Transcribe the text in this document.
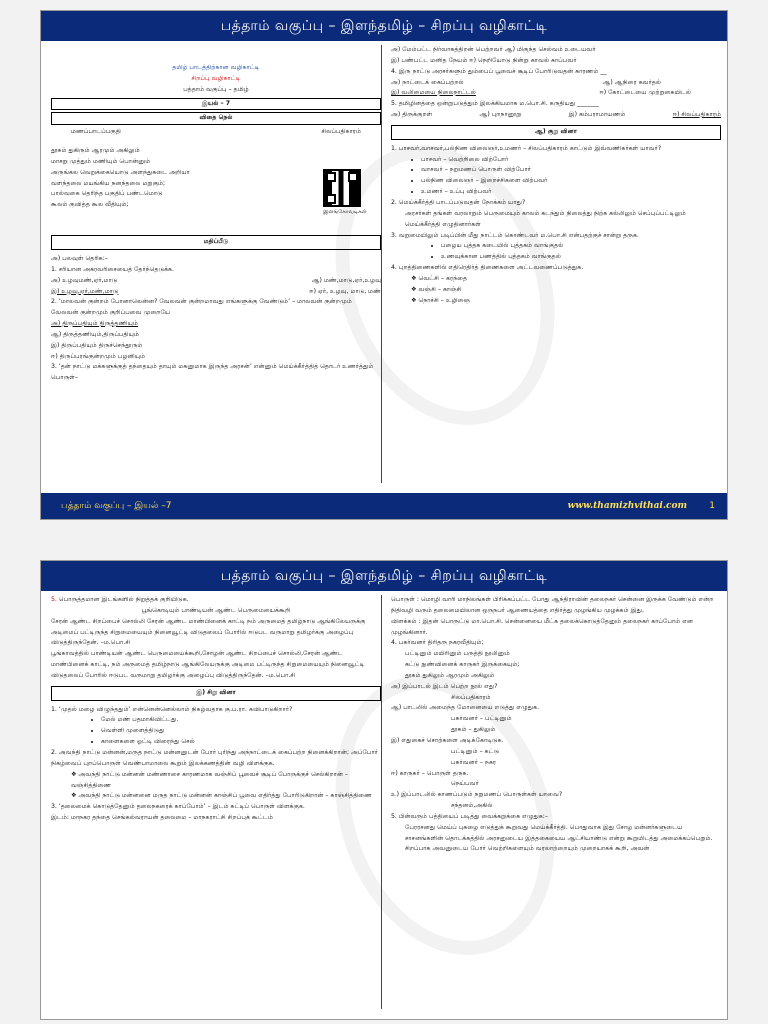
பத்தாம் வகுப்பு – இளந்தமிழ் – சிறப்பு வழிகாட்டி
தமிழ் பாடத்திற்கான வழிகாட்டி
சிறப்பு வழிகாட்டி
பத்தாம் வகுப்பு – தமிழ்
இயல் – 7
விதை நெல்
மணப்பாடப்பகுதி	சிலப்பதிகாரம்

தூசும் துகிரும் ஆரமும் அகிலும்

மாசறு முத்தும் மணியும் பொன்னும்

அருங்கல வெறுக்கையொடு அளந்துகடை அறியா

வளந்தலை மயங்கிய நனந்தலை மறுகும்;

பால்வகை தெரிந்த பகுதிப் பண்டமொடு

கூலம் குவித்த கூல வீதியும்;

மதிப்பீடு

அ) பலவுள் தெரிக:–

1. சரியான அகரவரிசையைத் தேர்ந்தெடுக்க.

அ) உழவுமண்,ஏர்,மாடு	ஆ) மண்,மாடு,ஏர்,உழவு
இ) உழவு,ஏர்,மண்,மாடு	ஈ) ஏர், உழவு, மாடு, மண்

2. ‘மாலவன் குன்றம் போனாலென்ன? வேலவன் குன்றமாவது எங்களுக்கு வேண்டும்’ – மாலவன் குன்றமும் வேலவன் குன்றமும் குறிப்பவை முறையே

அ) திருப்பதியும் திருத்தணியும்

ஆ) திருத்தணியும்,திருப்பதியும்

இ) திருப்பதியும் திருச்செந்தூரும்

ஈ) திருப்பரங்குன்றமும் பழனியும்

3. ‘தன் நாட்டு மக்களுக்குத் தந்தையும் தாயும் மகனுமாக இருந்த அரசன்’ என்னும் மெய்க்கீர்த்தித் தொடர் உணர்த்தும் பொருள்–

இளங்கோவடிகள்

அ) மேம்பட்ட நிர்வாகத்திறன் பெற்றவர் ஆ) மிகுந்த செல்வம் உடையவர்

இ) பண்பட்ட மனித நேயம் ஈ) நெறியோடு நின்று காவல் காப்பவர்

4. இரு நாட்டு அரசர்களும் தும்பைப் பூவைச் சூடிப் போரிடுவதன் காரணம் __

அ) நாட்டைக் கைப்பற்றல்	ஆ) ஆநிரை கவர்தல்
இ) வலிமையை நிலைநாட்டல்	ஈ) கோட்டையை முற்றுகையிடல்

5. தமிழினத்தை ஒன்றுபடுத்தும் இலக்கியமாக ம.பொ.சி. கருதியது _______

அ) திருக்குறள்	ஆ) புறநானூறு	இ) கம்பராமாயணம்	ஈ) சிலப்பதிகாரம்
ஆ) குறு வினா

1. பாசவர்,வாசவர்,பல்நிண விலைஞர்,உமணர் – சிலப்பதிகாரம் காட்டும் இவ்வணிகர்கள் யாவர்?

• பாசவர் – வெற்றிலை விற்போர்
• வாசவர் – நறுமணப் பொருள் விற்போர்
• பல்நிண விலைஞர் – இறைச்சிகளை விற்பவர்
• உமணர் – உப்பு விற்பவர்

2. மெய்க்கீர்த்தி பாடப்படுவதன் நோக்கம் யாது?

அரசர்கள் தங்கள் வரலாறும் பெருமையும் காலம் கடந்தும் நிலைத்து நிற்க கல்லிலும் செப்புப்பட்டிலும் மெய்க்கீர்த்தி எழுதினார்கள்

3. வறுமையிலும் படிப்பின் மீது நாட்டம் கொண்டவர் ம.பொ.சி என்பதற்குச் சான்று தருக.

• பழைய புத்தக கடையில் புத்தகம் வாங்குதல்
• உணவுக்கான பணத்தில் புத்தகம் வாங்குதல்

4. புறத்திணைகளில் எதிரெதிர்த் திணைகளை அட்டவணைப்படுத்துக.

❖ வெட்சி – கரந்தை

❖ வஞ்சி – காஞ்சி

❖ நொச்சி – உழிஞை

பத்தாம் வகுப்பு – இயல் –7	www.thamizhvithai.com 1
பத்தாம் வகுப்பு – இளந்தமிழ் – சிறப்பு வழிகாட்டி

5. பொருத்தமான இடங்களில் நிறுத்தக் குறியிடுக.

பூங்கொடியும் பாண்டியன் ஆண்ட பெருமையைக்கூறி

சேரன் ஆண்ட சிறப்பைச் சொல்லி சேரன் ஆண்ட மாண்பினைக் காட்டி நம் அருமைத் தமிழ்நாடு ஆங்கிலேயருக்கு அடிமைப் பட்டிருந்த சிறுமையையும் நினைவூட்டி விடுதலைப் போரில் ஈடுபட வருமாறு தமிழர்க்கு அழைப்பு விடுத்திருந்தேன். –ம.பொ.சி

பூங்காவத்தில் பாண்டியன் ஆண்ட பெருமையைக்கூறி,சோழன் ஆண்ட சிறப்பைச் சொல்லி,சேரன் ஆண்ட மாண்பினைக் காட்டி, நம் அருமைத் தமிழ்நாடு ஆங்கிலேயருக்கு அடிமை பட்டிருந்த சிறுமையையும் நினைவூட்டி விடுதலைப் போரில் ஈடுபட வருமாறு தமிழர்க்கு அழைப்பு விடுத்திருந்தேன். –ம.பொ.சி

இ) சிறு வினா

1. ‘முதல் மழை விழுந்ததும்’ என்னென்னெல்லாம் நிகழ்வதாக கு.ப.ரா. கவிபாடுகிறார்?

• மேல் மண் பதமாகிவிட்டது.
• வெள்ளி முளைத்திடுது
• காளைகளை ஓட்டி விரைந்து செல்

2. அவந்தி நாட்டு மன்னன்,மருத நாட்டு மன்னனுடன் போர் புரிந்து அந்நாட்டைக் கைப்பற்ற நினைக்கிறான்; அப்போர் நிகழ்வைப் புறப்பொருள் வெண்பாமாலை கூறும் இலக்கணத்தின் வழி விளக்குக.

❖ அவந்தி நாட்டு மன்னன் மண்ணாசை காரணமாக வஞ்சிப் பூவைச் சூடிப் போருக்குச் செல்கிறான் – வஞ்சித்திணை

❖ அவந்தி நாட்டு மன்னனை மருத நாட்டு மன்னன் காஞ்சிப் பூவை எதிர்த்து போரிடுகிறான் – காஞ்சித்திணை

3. ‘தலைமைக் கொடுத்தேனும் தலைநகரைக் காப்போம்’ – இடம் சுட்டிப் பொருள் விளக்குக.

இடம்: மாநகர தந்தை செங்கல்வராயன் தலைமை – மாநகராட்சி சிறப்புக் கூட்டம்

பொருள் : மொழி வாரி மாநிலங்கள் பிரிக்கப்பட்ட போது ஆந்திராவின் தலைநகர் சென்னை இருக்க வேண்டும் என்ற நிதிவழி வரும் தலைமையிலான ஒருநபர் ஆணையத்தை எதிர்த்து முழங்கிய முழக்கம் இது.

விளக்கம் : இதன் பொருட்டு மா.பொ.சி. சென்னையை மீட்க தலைக்கொடுத்தேனும் தலைநகர் காப்போம் என முழங்கினார்.

4. பகர்வனர் திரிதரு நகரவீதியும்;

பட்டினும் மயிரினும் பருத்தி நூலினும்

கட்டு நுண்வினைக் காருகர் இருக்கையும்;

தூசும் துகிலும் ஆரமும் அகிலும்

அ) இப்பாடல் இடம் பெற்ற நூல் எது?

சிலப்பதிகாரம்

ஆ) பாடலில் அமைந்த மோனையை எடுத்து எழுதுக.

பகர்வனர் – பட்டினும்

தூசும் – துகிலும்

இ) எதுகைச் சொற்களை அடிக்கோடிடுக.

பட்டினும் – கட்டு

பகர்வனர் – நகர

ஈ) காருகர் – பொருள் தருக.

நெய்பவர்

உ) இப்பாடலில் காணப்படும் நறுமணப் பொருள்கள் யாவை?

சந்தனம்,அகில்

5. பின்வரும் பத்தியைப் படித்து வைக்கறுக்கை எழுதுக:–

பேரரசனது மெய்ப் புகழை எடுத்துக் கூறுவது மெய்க்கீர்த்தி. பொதுவாக இது சோழ மன்னர்களுடைய சாசனங்களின் தொடக்கத்தில் அரசனுடைய இத்தகையைய ஆட்சியாண்டு என்று கூறுமிடத்து அமைக்கப்பெறும். சிறப்பாக அவனுடைய போர் வெற்றிகளையும் வரலாற்றையும் முறையாகக் கூறி, அவன்
